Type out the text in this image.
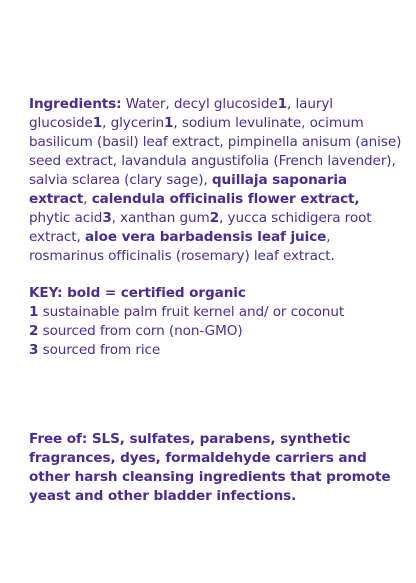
Ingredients: Water, decyl glucoside1, lauryl glucoside1, glycerin1, sodium levulinate, ocimum basilicum (basil) leaf extract, pimpinella anisum (anise) seed extract, lavandula angustifolia (French lavender), salvia sclarea (clary sage), quillaja saponaria extract, calendula officinalis flower extract, phytic acid3, xanthan gum2, yucca schidigera root extract, aloe vera barbadensis leaf juice, rosmarinus officinalis (rosemary) leaf extract.
KEY: bold = certified organic
1 sustainable palm fruit kernel and/ or coconut
2 sourced from corn (non-GMO)
3 sourced from rice
Free of: SLS, sulfates, parabens, synthetic fragrances, dyes, formaldehyde carriers and other harsh cleansing ingredients that promote yeast and other bladder infections.
